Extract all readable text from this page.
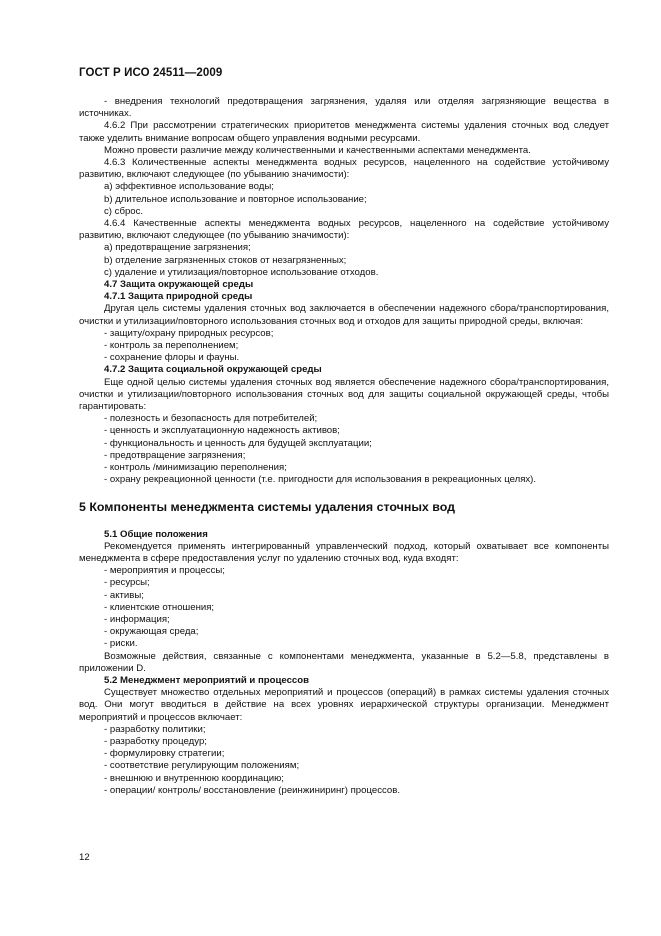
ГОСТ Р ИСО 24511—2009

- внедрения технологий предотвращения загрязнения, удаляя или отделяя загрязняющие вещества в источниках.

4.6.2 При рассмотрении стратегических приоритетов менеджмента системы удаления сточных вод следует также уделить внимание вопросам общего управления водными ресурсами.

Можно провести различие между количественными и качественными аспектами менеджмента.

4.6.3 Количественные аспекты менеджмента водных ресурсов, нацеленного на содействие устойчивому развитию, включают следующее (по убыванию значимости):

a) эффективное использование воды;

b) длительное использование и повторное использование;

c) сброс.

4.6.4 Качественные аспекты менеджмента водных ресурсов, нацеленного на содействие устойчивому развитию, включают следующее (по убыванию значимости):

a) предотвращение загрязнения;

b) отделение загрязненных стоков от незагрязненных;

c) удаление и утилизация/повторное использование отходов.

4.7 Защита окружающей среды

4.7.1 Защита природной среды

Другая цель системы удаления сточных вод заключается в обеспечении надежного сбора/транспортирования, очистки и утилизации/повторного использования сточных вод и отходов для защиты природной среды, включая:

- защиту/охрану природных ресурсов;

- контроль за переполнением;

- сохранение флоры и фауны.

4.7.2 Защита социальной окружающей среды

Еще одной целью системы удаления сточных вод является обеспечение надежного сбора/транспортирования, очистки и утилизации/повторного использования сточных вод для защиты социальной окружающей среды, чтобы гарантировать:

- полезность и безопасность для потребителей;

- ценность и эксплуатационную надежность активов;

- функциональность и ценность для будущей эксплуатации;

- предотвращение загрязнения;

- контроль /минимизацию переполнения;

- охрану рекреационной ценности (т.е. пригодности для использования в рекреационных целях).

5 Компоненты менеджмента системы удаления сточных вод

5.1 Общие положения

Рекомендуется применять интегрированный управленческий подход, который охватывает все компоненты менеджмента в сфере предоставления услуг по удалению сточных вод, куда входят:

- мероприятия и процессы;

- ресурсы;

- активы;

- клиентские отношения;

- информация;

- окружающая среда;

- риски.

Возможные действия, связанные с компонентами менеджмента, указанные в 5.2—5.8, представлены в приложении D.

5.2 Менеджмент мероприятий и процессов

Существует множество отдельных мероприятий и процессов (операций) в рамках системы удаления сточных вод. Они могут вводиться в действие на всех уровнях иерархической структуры организации. Менеджмент мероприятий и процессов включает:

- разработку политики;

- разработку процедур;

- формулировку стратегии;

- соответствие регулирующим положениям;

- внешнюю и внутреннюю координацию;

- операции/ контроль/ восстановление (реинжиниринг) процессов.

12
